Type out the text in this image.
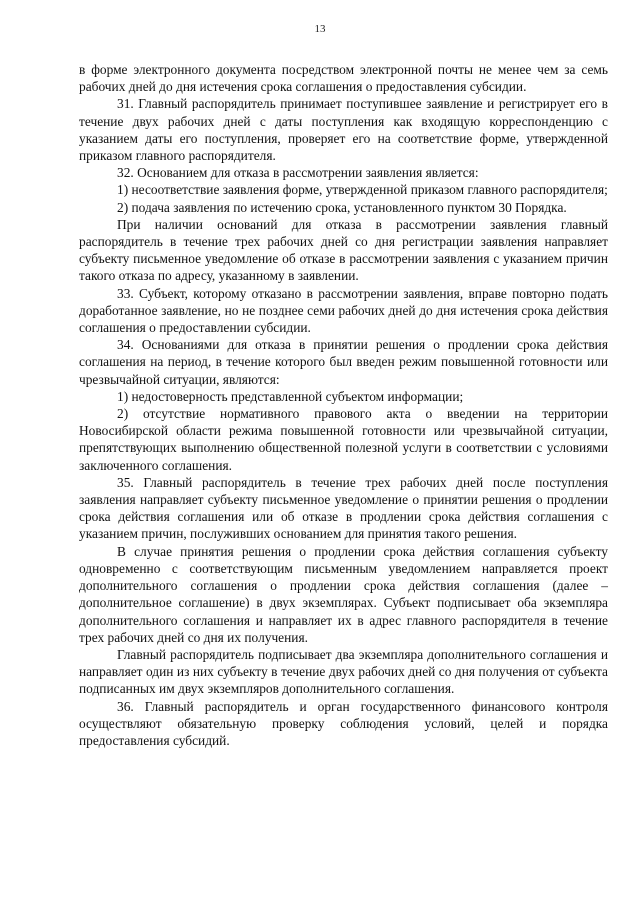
13

в форме электронного документа посредством электронной почты не менее чем за семь рабочих дней до дня истечения срока соглашения о предоставления субсидии.

31. Главный распорядитель принимает поступившее заявление и регистрирует его в течение двух рабочих дней с даты поступления как входящую корреспонденцию с указанием даты его поступления, проверяет его на соответствие форме, утвержденной приказом главного распорядителя.

32. Основанием для отказа в рассмотрении заявления является:

1) несоответствие заявления форме, утвержденной приказом главного распорядителя;

2) подача заявления по истечению срока, установленного пунктом 30 Порядка.

При наличии оснований для отказа в рассмотрении заявления главный распорядитель в течение трех рабочих дней со дня регистрации заявления направляет субъекту письменное уведомление об отказе в рассмотрении заявления с указанием причин такого отказа по адресу, указанному в заявлении.

33. Субъект, которому отказано в рассмотрении заявления, вправе повторно подать доработанное заявление, но не позднее семи рабочих дней до дня истечения срока действия соглашения о предоставлении субсидии.

34. Основаниями для отказа в принятии решения о продлении срока действия соглашения на период, в течение которого был введен режим повышенной готовности или чрезвычайной ситуации, являются:

1) недостоверность представленной субъектом информации;

2) отсутствие нормативного правового акта о введении на территории Новосибирской области режима повышенной готовности или чрезвычайной ситуации, препятствующих выполнению общественной полезной услуги в соответствии с условиями заключенного соглашения.

35. Главный распорядитель в течение трех рабочих дней после поступления заявления направляет субъекту письменное уведомление о принятии решения о продлении срока действия соглашения или об отказе в продлении срока действия соглашения с указанием причин, послуживших основанием для принятия такого решения.

В случае принятия решения о продлении срока действия соглашения субъекту одновременно с соответствующим письменным уведомлением направляется проект дополнительного соглашения о продлении срока действия соглашения (далее – дополнительное соглашение) в двух экземплярах. Субъект подписывает оба экземпляра дополнительного соглашения и направляет их в адрес главного распорядителя в течение трех рабочих дней со дня их получения.

Главный распорядитель подписывает два экземпляра дополнительного соглашения и направляет один из них субъекту в течение двух рабочих дней со дня получения от субъекта подписанных им двух экземпляров дополнительного соглашения.

36. Главный распорядитель и орган государственного финансового контроля осуществляют обязательную проверку соблюдения условий, целей и порядка предоставления субсидий.
